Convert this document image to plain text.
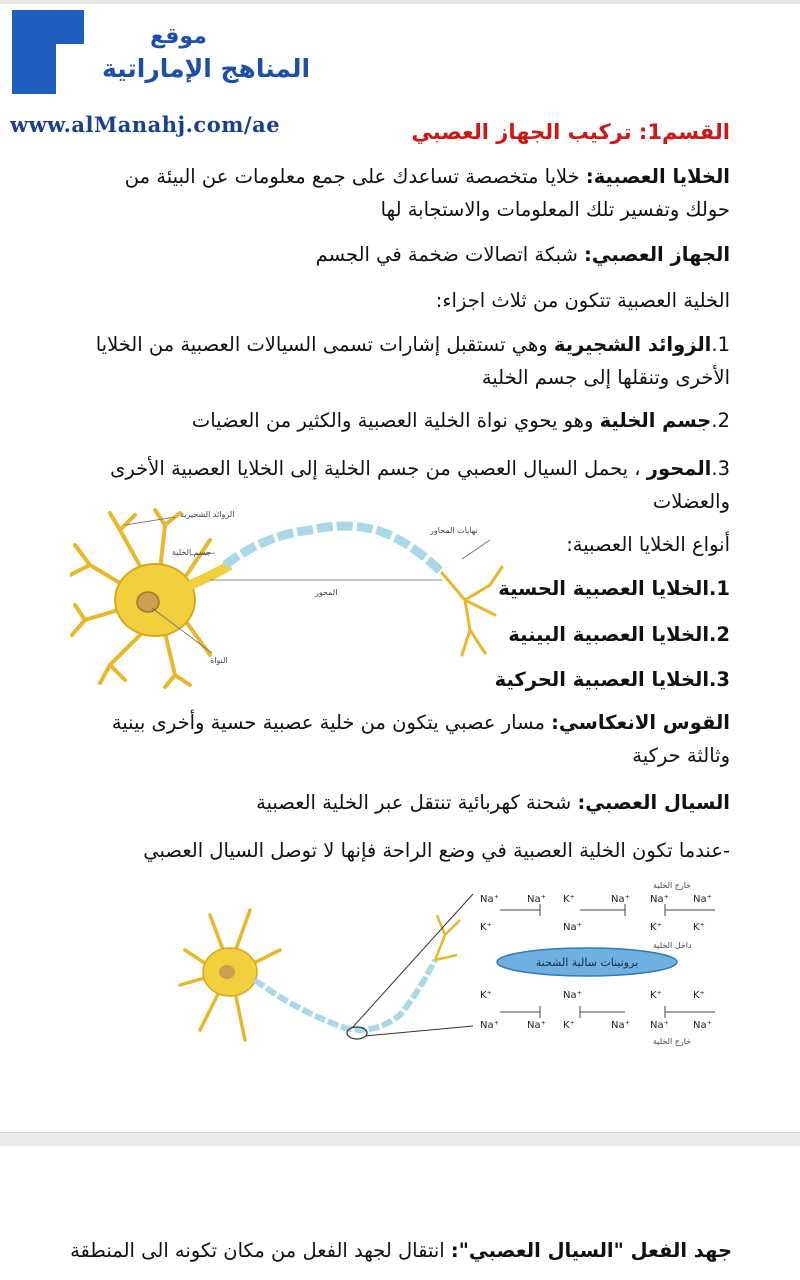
موقع
المناهج الإماراتية
www.alManahj.com/ae	القسم1: تركيب الجهاز العصبي
الخلايا العصبية: خلايا متخصصة تساعدك على جمع معلومات عن البيئة من حولك وتفسير تلك المعلومات والاستجابة لها
الجهاز العصبي: شبكة اتصالات ضخمة في الجسم
الخلية العصبية تتكون من ثلاث اجزاء:
1.الزوائد الشجيرية وهي تستقبل إشارات تسمى السيالات العصبية من الخلايا الأخرى وتنقلها إلى جسم الخلية
2.جسم الخلية وهو يحوي نواة الخلية العصبية والكثير من العضيات
3.المحور ، يحمل السيال العصبي من جسم الخلية إلى الخلايا العصبية الأخرى والعضلات
الزوائد الشجيرية
جسم الخلية
النواة
المحور
نهايات المحاور
أنواع الخلايا العصبية:
1.الخلايا العصبية الحسية
2.الخلايا العصبية البينية
3.الخلايا العصبية الحركية
القوس الانعكاسي: مسار عصبي يتكون من خلية عصبية حسية وأخرى بينية وثالثة حركية
السيال العصبي: شحنة كهربائية تنتقل عبر الخلية العصبية
-عندما تكون الخلية العصبية في وضع الراحة فإنها لا توصل السيال العصبي
Na⁺	Na⁺ K⁺	Na⁺ Na⁺ Na⁺
K⁺	Na⁺	K⁺	K⁺
خارج الخلية
داخل الخلية
بروتينات سالبة الشحنة
K⁺	Na⁺	K⁺	K⁺
Na⁺	Na⁺ K⁺	Na⁺ Na⁺ Na⁺
خارج الخلية
جهد الفعل "السيال العصبي": انتقال لجهد الفعل من مكان تكونه الى المنطقة
